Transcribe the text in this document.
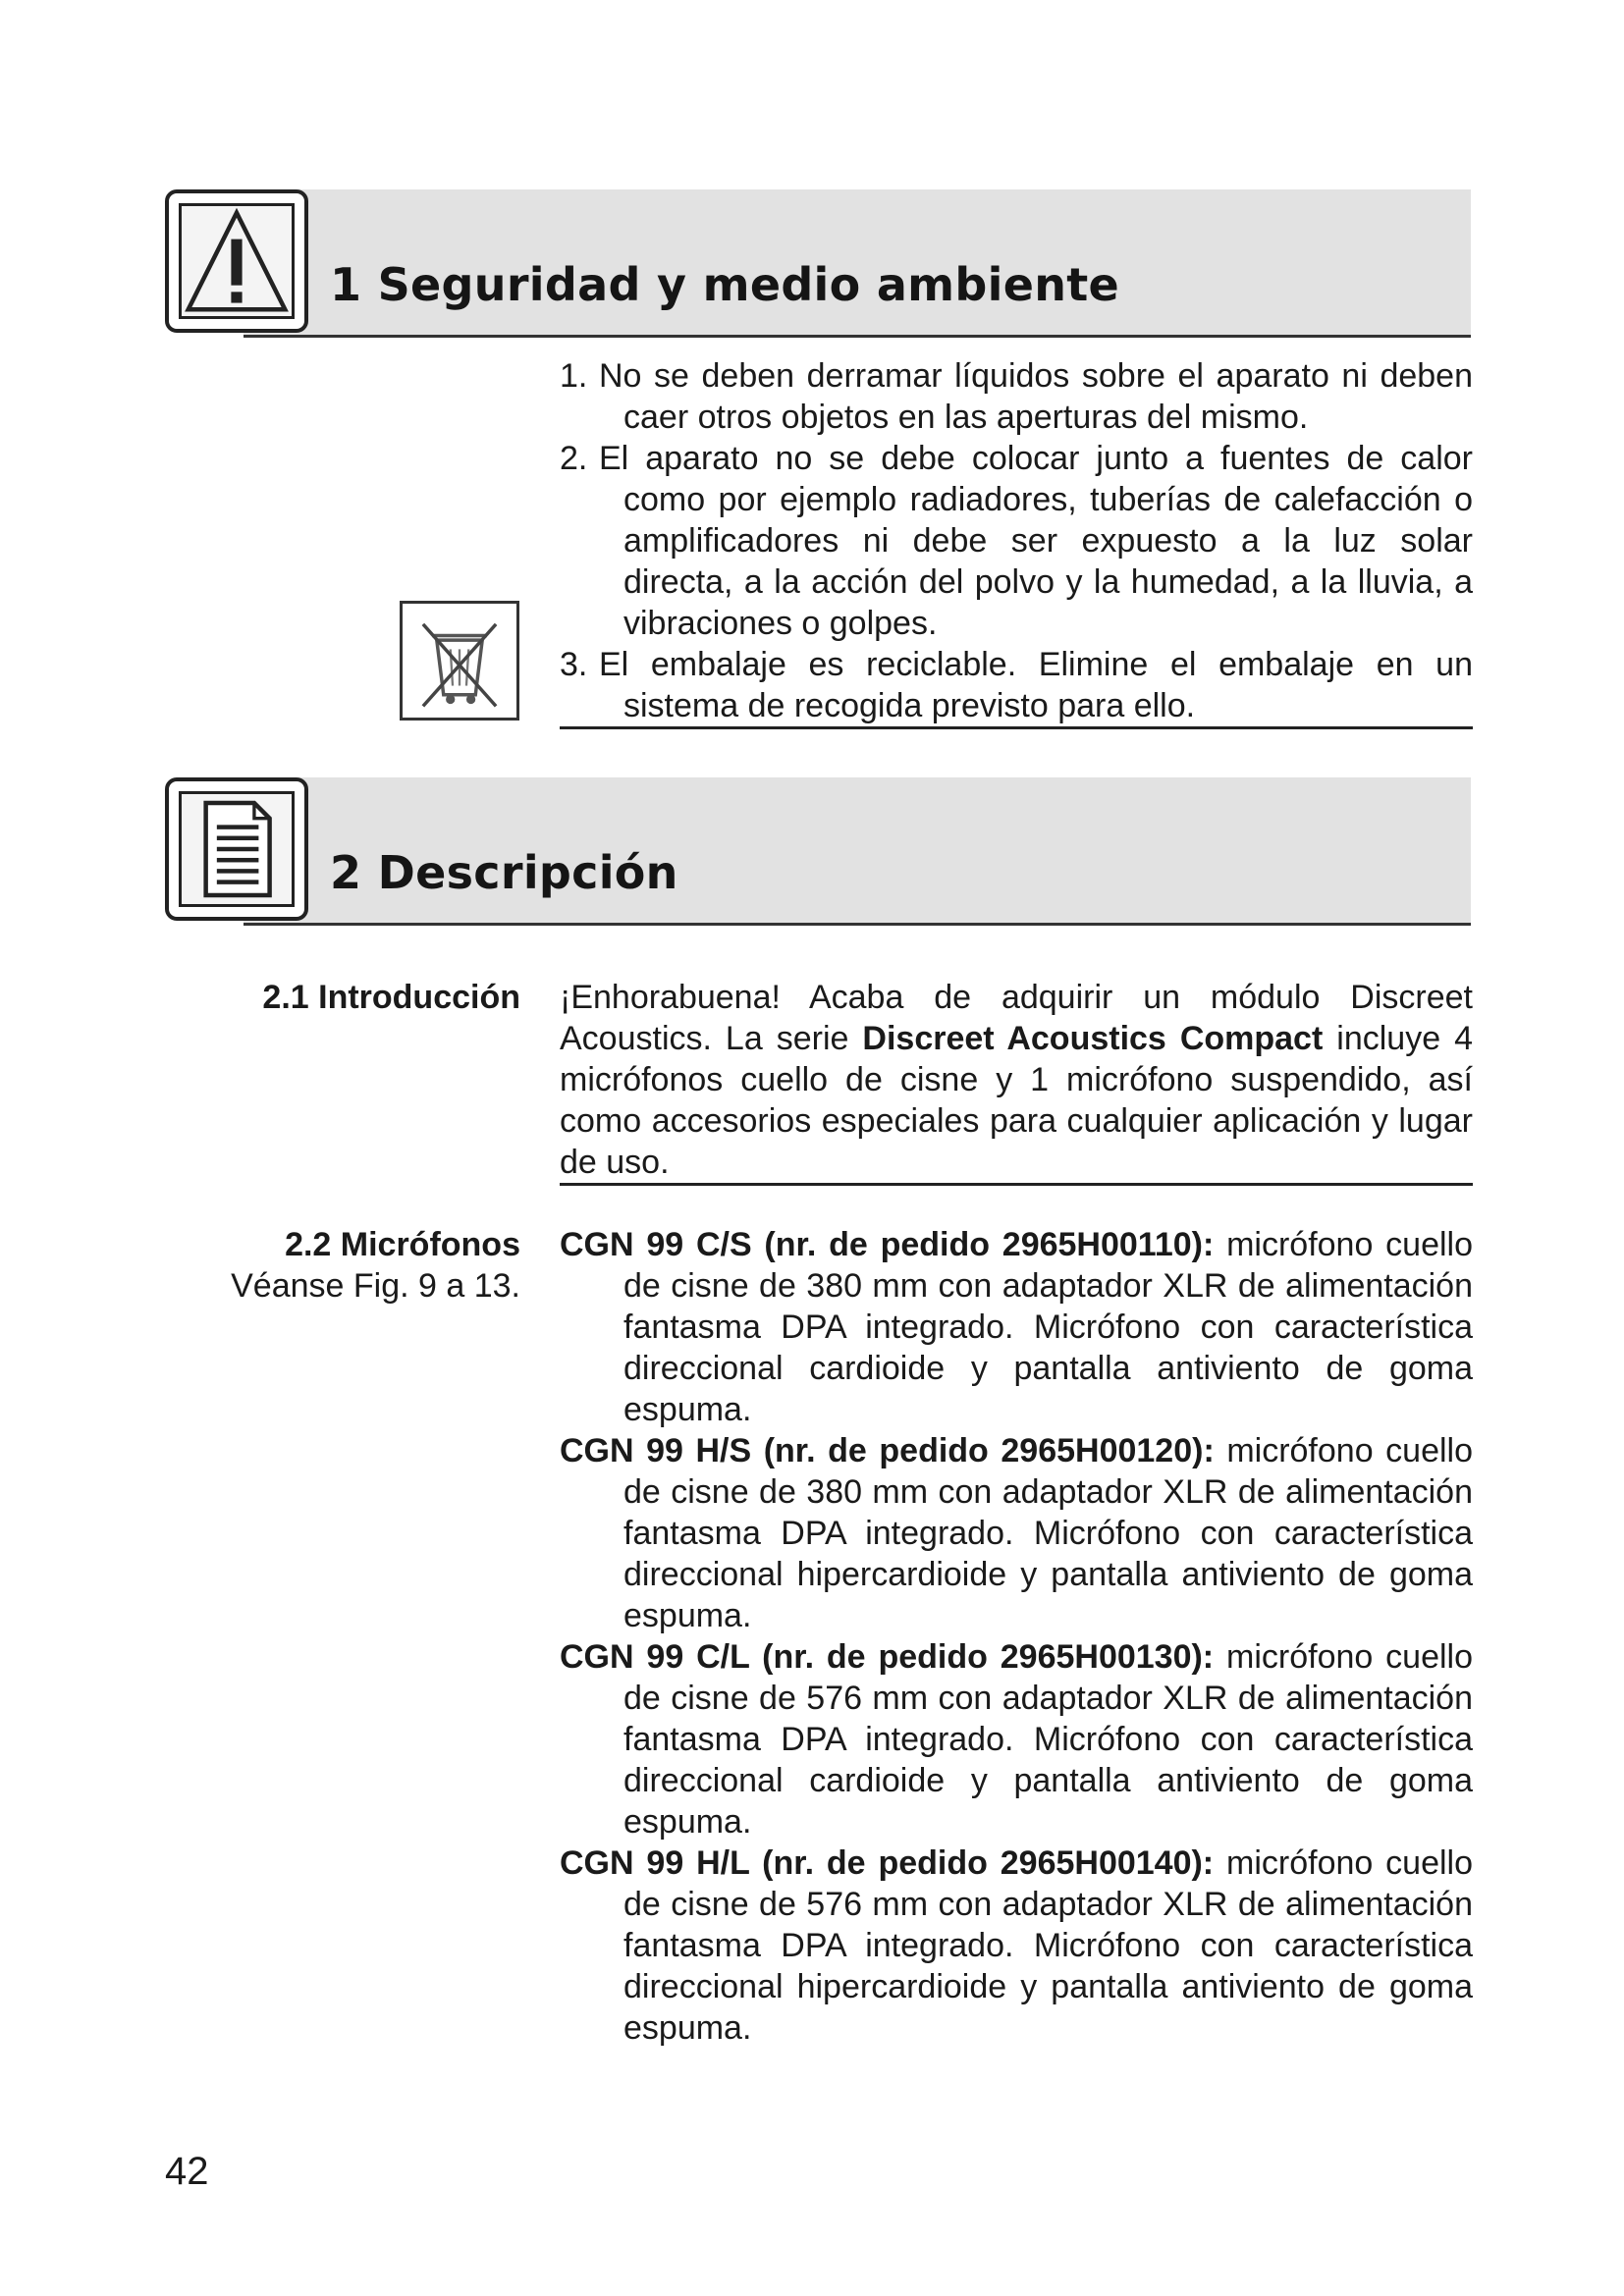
1 Seguridad y medio ambiente
1. No se deben derramar líquidos sobre el aparato ni deben caer otros objetos en las aperturas del mismo.
2. El aparato no se debe colocar junto a fuentes de calor como por ejemplo radiadores, tuberías de calefacción o amplificadores ni debe ser expuesto a la luz solar directa, a la acción del polvo y la humedad, a la lluvia, a vibraciones o golpes.
3. El embalaje es reciclable. Elimine el embalaje en un sistema de recogida previsto para ello.
2 Descripción
2.1 Introducción ¡Enhorabuena! Acaba de adquirir un módulo Discreet Acoustics. La serie Discreet Acoustics Compact incluye 4 micrófonos cuello de cisne y 1 micrófono suspendido, así como accesorios especiales para cualquier aplicación y lugar de uso.
2.2 Micrófonos
Véanse Fig. 9 a 13.
CGN 99 C/S (nr. de pedido 2965H00110): micrófono cuello de cisne de 380 mm con adaptador XLR de alimentación fantasma DPA integrado. Micrófono con característica direccional cardioide y pantalla antiviento de goma espuma.
CGN 99 H/S (nr. de pedido 2965H00120): micrófono cuello de cisne de 380 mm con adaptador XLR de alimentación fantasma DPA integrado. Micrófono con característica direccional hipercardioide y pantalla antiviento de goma espuma.
CGN 99 C/L (nr. de pedido 2965H00130): micrófono cuello de cisne de 576 mm con adaptador XLR de alimentación fantasma DPA integrado. Micrófono con característica direccional cardioide y pantalla antiviento de goma espuma.
CGN 99 H/L (nr. de pedido 2965H00140): micrófono cuello de cisne de 576 mm con adaptador XLR de alimentación fantasma DPA integrado. Micrófono con característica direccional hipercardioide y pantalla antiviento de goma espuma.
42
